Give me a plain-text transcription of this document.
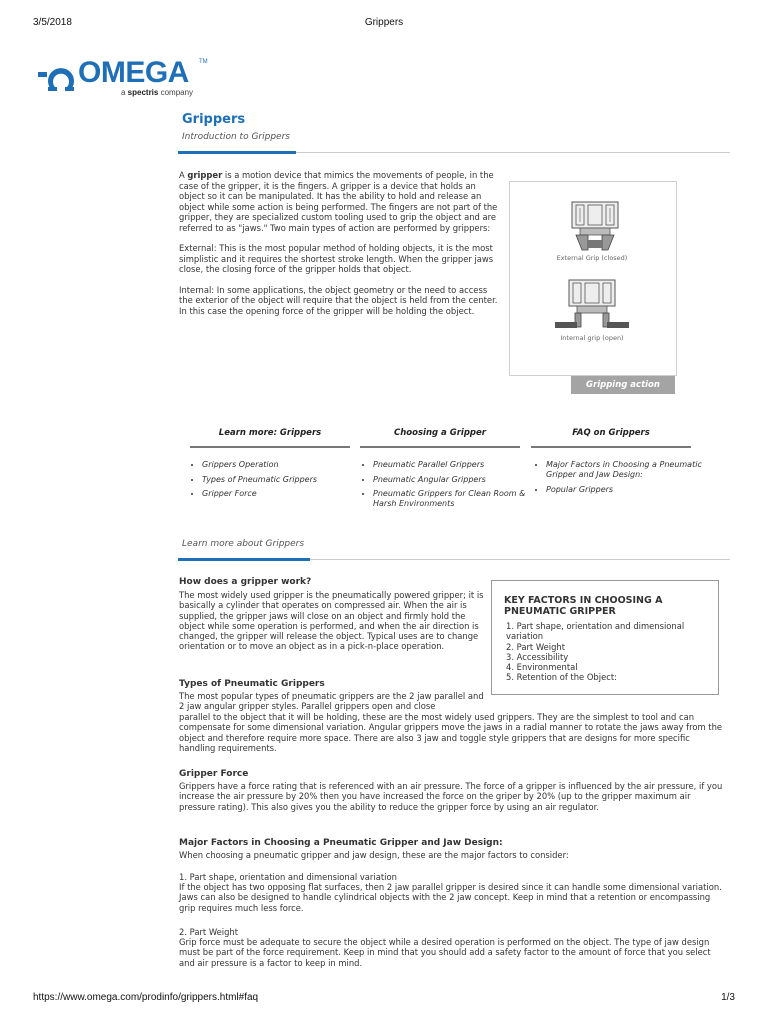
3/5/2018	Grippers
OMEGA TM
a spectris company
Grippers
Introduction to Grippers

A gripper is a motion device that mimics the movements of people, in the case of the gripper, it is the fingers. A gripper is a device that holds an object so it can be manipulated. It has the ability to hold and release an object while some action is being performed. The fingers are not part of the gripper, they are specialized custom tooling used to grip the object and are referred to as "jaws." Two main types of action are performed by grippers:

External: This is the most popular method of holding objects, it is the most simplistic and it requires the shortest stroke length. When the gripper jaws close, the closing force of the gripper holds that object.

Internal: In some applications, the object geometry or the need to access the exterior of the object will require that the object is held from the center. In this case the opening force of the gripper will be holding the object.

External Grip (closed)
Internal grip (open)
Gripping action
Learn more: Grippers
• Grippers Operation
• Types of Pneumatic Grippers
• Gripper Force
Choosing a Gripper
• Pneumatic Parallel Grippers
• Pneumatic Angular Grippers
• Pneumatic Grippers for Clean Room & Harsh Environments
FAQ on Grippers
• Major Factors in Choosing a Pneumatic Gripper and Jaw Design:
• Popular Grippers
Learn more about Grippers
How does a gripper work?
The most widely used gripper is the pneumatically powered gripper; it is basically a cylinder that operates on compressed air. When the air is supplied, the gripper jaws will close on an object and firmly hold the object while some operation is performed, and when the air direction is changed, the gripper will release the object. Typical uses are to change orientation or to move an object as in a pick-n-place operation.
KEY FACTORS IN CHOOSING A PNEUMATIC GRIPPER
1. Part shape, orientation and dimensional variation
2. Part Weight
3. Accessibility
4. Environmental
5. Retention of the Object:
Types of Pneumatic Grippers
The most popular types of pneumatic grippers are the 2 jaw parallel and 2 jaw angular gripper styles. Parallel grippers open and close
parallel to the object that it will be holding, these are the most widely used grippers. They are the simplest to tool and can compensate for some dimensional variation. Angular grippers move the jaws in a radial manner to rotate the jaws away from the object and therefore require more space. There are also 3 jaw and toggle style grippers that are designs for more specific handling requirements.
Gripper Force
Grippers have a force rating that is referenced with an air pressure. The force of a gripper is influenced by the air pressure, if you increase the air pressure by 20% then you have increased the force on the griper by 20% (up to the gripper maximum air pressure rating). This also gives you the ability to reduce the gripper force by using an air regulator.
Major Factors in Choosing a Pneumatic Gripper and Jaw Design:
When choosing a pneumatic gripper and jaw design, these are the major factors to consider:
1. Part shape, orientation and dimensional variation
If the object has two opposing flat surfaces, then 2 jaw parallel gripper is desired since it can handle some dimensional variation. Jaws can also be designed to handle cylindrical objects with the 2 jaw concept. Keep in mind that a retention or encompassing grip requires much less force.
2. Part Weight
Grip force must be adequate to secure the object while a desired operation is performed on the object. The type of jaw design must be part of the force requirement. Keep in mind that you should add a safety factor to the amount of force that you select and air pressure is a factor to keep in mind.
https://www.omega.com/prodinfo/grippers.html#faq	1/3
